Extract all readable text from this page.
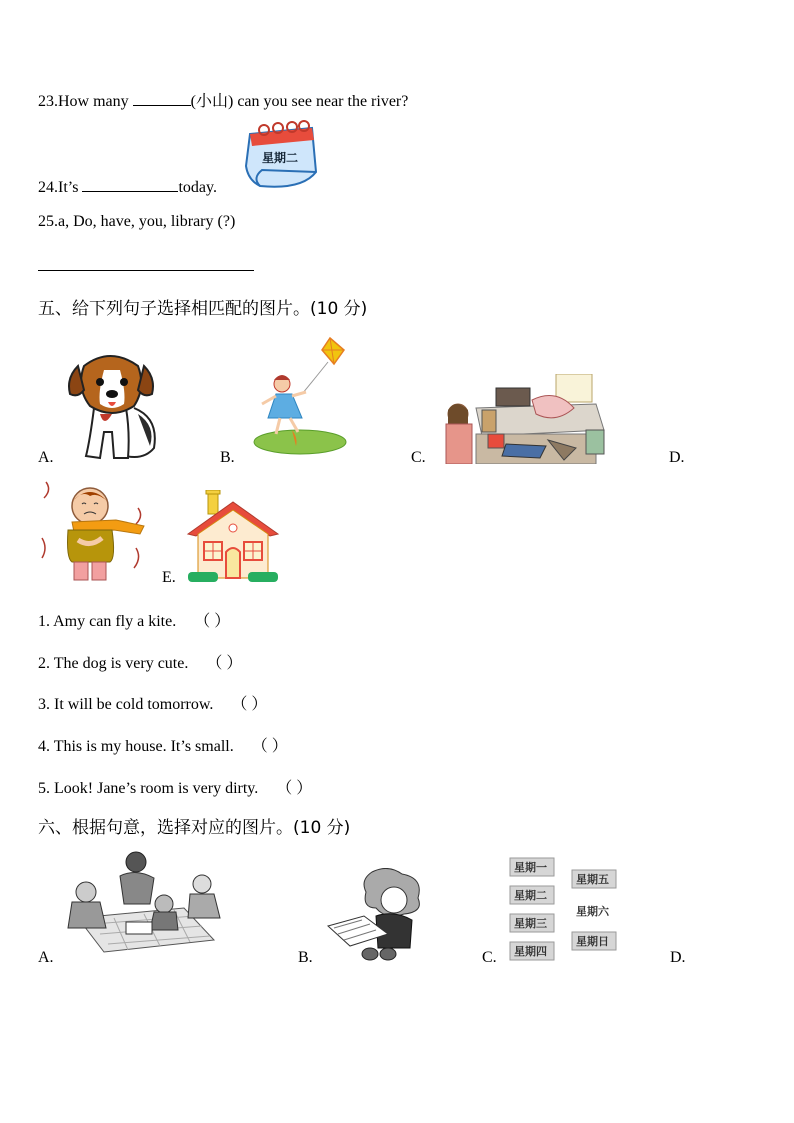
23.How many	(小山) can you see near the river?
星期二
24.It’s	today.
25.a, Do, have, you, library (?)
五、给下列句子选择相匹配的图片。(10 分)
A.	B.	C.	D.
E.
1. Amy can fly a kite. （ ）
2. The dog is very cute. （ ）
3. It will be cold tomorrow. （ ）
4. This is my house. It’s small. （ ）
5. Look! Jane’s room is very dirty. （ ）
六、根据句意，选择对应的图片。(10 分)
A.	B.
星期一
星期二
星期三
星期四
星期五
星期六
星期日
C.	D.
